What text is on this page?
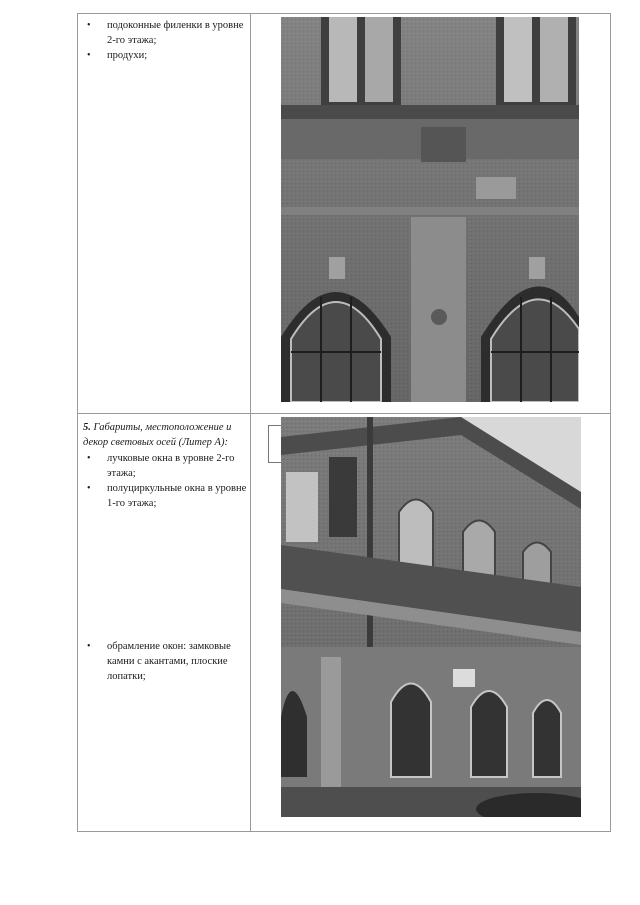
• подоконные филенки в уровне 2-го этажа;
• продухи;
5. Габариты, местоположение и декор световых осей (Литер А):
• лучковые окна в уровне 2-го этажа;
• полуциркульные окна в уровне 1-го этажа;
• обрамление окон: замковые камни с акантами, плоские лопатки;
